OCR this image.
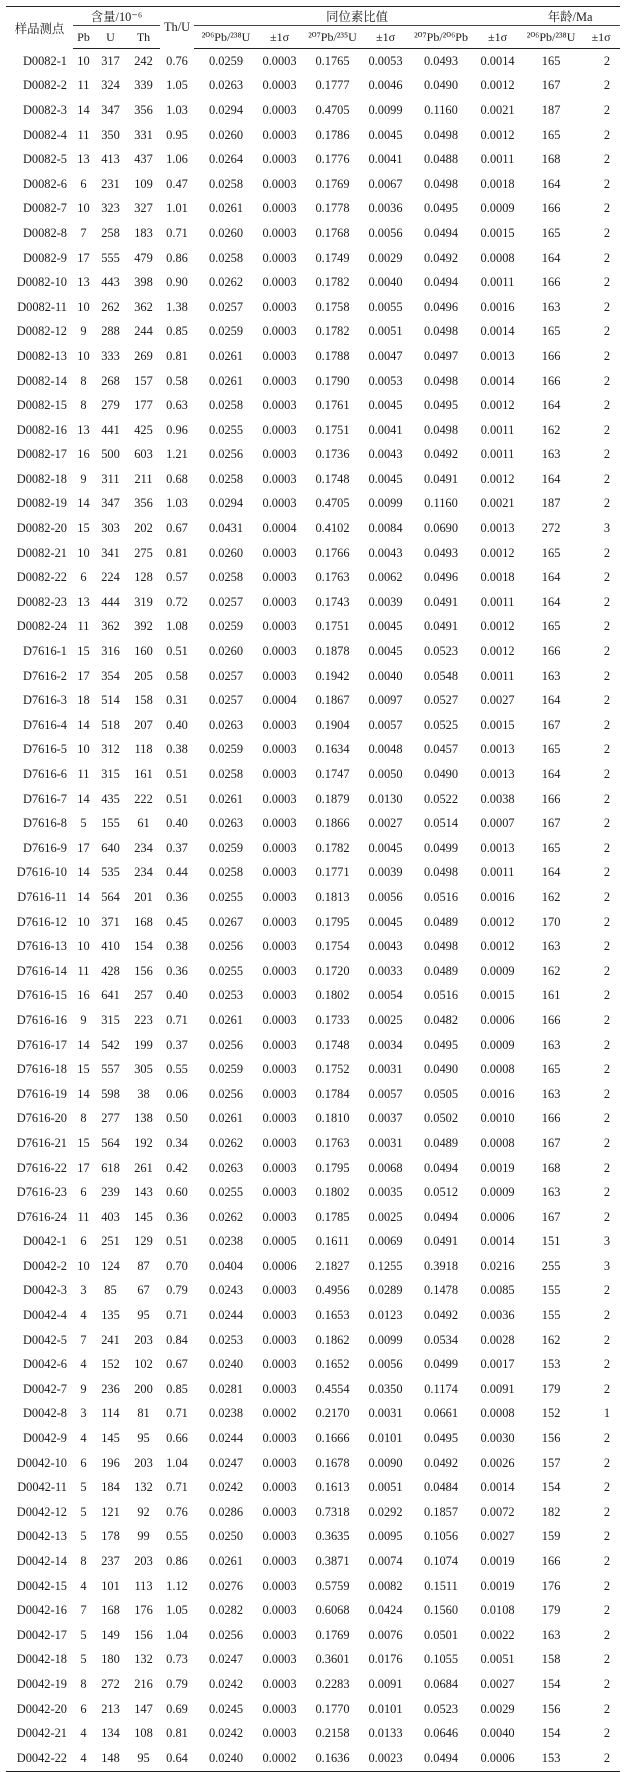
样品测点	含量/10⁻⁶			Th/U	同位素比值						年龄/Ma	
	Pb	U	Th		²⁰⁶Pb/²³⁸U	±1σ	²⁰⁷Pb/²³⁵U	±1σ	²⁰⁷Pb/²⁰⁶Pb	±1σ	²⁰⁶Pb/²³⁸U	±1σ
D0082-1	10	317	242	0.76	0.0259	0.0003	0.1765	0.0053	0.0493	0.0014	165	2
D0082-2	11	324	339	1.05	0.0263	0.0003	0.1777	0.0046	0.0490	0.0012	167	2
D0082-3	14	347	356	1.03	0.0294	0.0003	0.4705	0.0099	0.1160	0.0021	187	2
D0082-4	11	350	331	0.95	0.0260	0.0003	0.1786	0.0045	0.0498	0.0012	165	2
D0082-5	13	413	437	1.06	0.0264	0.0003	0.1776	0.0041	0.0488	0.0011	168	2
D0082-6	6	231	109	0.47	0.0258	0.0003	0.1769	0.0067	0.0498	0.0018	164	2
D0082-7	10	323	327	1.01	0.0261	0.0003	0.1778	0.0036	0.0495	0.0009	166	2
D0082-8	7	258	183	0.71	0.0260	0.0003	0.1768	0.0056	0.0494	0.0015	165	2
D0082-9	17	555	479	0.86	0.0258	0.0003	0.1749	0.0029	0.0492	0.0008	164	2
D0082-10	13	443	398	0.90	0.0262	0.0003	0.1782	0.0040	0.0494	0.0011	166	2
D0082-11	10	262	362	1.38	0.0257	0.0003	0.1758	0.0055	0.0496	0.0016	163	2
D0082-12	9	288	244	0.85	0.0259	0.0003	0.1782	0.0051	0.0498	0.0014	165	2
D0082-13	10	333	269	0.81	0.0261	0.0003	0.1788	0.0047	0.0497	0.0013	166	2
D0082-14	8	268	157	0.58	0.0261	0.0003	0.1790	0.0053	0.0498	0.0014	166	2
D0082-15	8	279	177	0.63	0.0258	0.0003	0.1761	0.0045	0.0495	0.0012	164	2
D0082-16	13	441	425	0.96	0.0255	0.0003	0.1751	0.0041	0.0498	0.0011	162	2
D0082-17	16	500	603	1.21	0.0256	0.0003	0.1736	0.0043	0.0492	0.0011	163	2
D0082-18	9	311	211	0.68	0.0258	0.0003	0.1748	0.0045	0.0491	0.0012	164	2
D0082-19	14	347	356	1.03	0.0294	0.0003	0.4705	0.0099	0.1160	0.0021	187	2
D0082-20	15	303	202	0.67	0.0431	0.0004	0.4102	0.0084	0.0690	0.0013	272	3
D0082-21	10	341	275	0.81	0.0260	0.0003	0.1766	0.0043	0.0493	0.0012	165	2
D0082-22	6	224	128	0.57	0.0258	0.0003	0.1763	0.0062	0.0496	0.0018	164	2
D0082-23	13	444	319	0.72	0.0257	0.0003	0.1743	0.0039	0.0491	0.0011	164	2
D0082-24	11	362	392	1.08	0.0259	0.0003	0.1751	0.0045	0.0491	0.0012	165	2
D7616-1	15	316	160	0.51	0.0260	0.0003	0.1878	0.0045	0.0523	0.0012	166	2
D7616-2	17	354	205	0.58	0.0257	0.0003	0.1942	0.0040	0.0548	0.0011	163	2
D7616-3	18	514	158	0.31	0.0257	0.0004	0.1867	0.0097	0.0527	0.0027	164	2
D7616-4	14	518	207	0.40	0.0263	0.0003	0.1904	0.0057	0.0525	0.0015	167	2
D7616-5	10	312	118	0.38	0.0259	0.0003	0.1634	0.0048	0.0457	0.0013	165	2
D7616-6	11	315	161	0.51	0.0258	0.0003	0.1747	0.0050	0.0490	0.0013	164	2
D7616-7	14	435	222	0.51	0.0261	0.0003	0.1879	0.0130	0.0522	0.0038	166	2
D7616-8	5	155	61	0.40	0.0263	0.0003	0.1866	0.0027	0.0514	0.0007	167	2
D7616-9	17	640	234	0.37	0.0259	0.0003	0.1782	0.0045	0.0499	0.0013	165	2
D7616-10	14	535	234	0.44	0.0258	0.0003	0.1771	0.0039	0.0498	0.0011	164	2
D7616-11	14	564	201	0.36	0.0255	0.0003	0.1813	0.0056	0.0516	0.0016	162	2
D7616-12	10	371	168	0.45	0.0267	0.0003	0.1795	0.0045	0.0489	0.0012	170	2
D7616-13	10	410	154	0.38	0.0256	0.0003	0.1754	0.0043	0.0498	0.0012	163	2
D7616-14	11	428	156	0.36	0.0255	0.0003	0.1720	0.0033	0.0489	0.0009	162	2
D7616-15	16	641	257	0.40	0.0253	0.0003	0.1802	0.0054	0.0516	0.0015	161	2
D7616-16	9	315	223	0.71	0.0261	0.0003	0.1733	0.0025	0.0482	0.0006	166	2
D7616-17	14	542	199	0.37	0.0256	0.0003	0.1748	0.0034	0.0495	0.0009	163	2
D7616-18	15	557	305	0.55	0.0259	0.0003	0.1752	0.0031	0.0490	0.0008	165	2
D7616-19	14	598	38	0.06	0.0256	0.0003	0.1784	0.0057	0.0505	0.0016	163	2
D7616-20	8	277	138	0.50	0.0261	0.0003	0.1810	0.0037	0.0502	0.0010	166	2
D7616-21	15	564	192	0.34	0.0262	0.0003	0.1763	0.0031	0.0489	0.0008	167	2
D7616-22	17	618	261	0.42	0.0263	0.0003	0.1795	0.0068	0.0494	0.0019	168	2
D7616-23	6	239	143	0.60	0.0255	0.0003	0.1802	0.0035	0.0512	0.0009	163	2
D7616-24	11	403	145	0.36	0.0262	0.0003	0.1785	0.0025	0.0494	0.0006	167	2
D0042-1	6	251	129	0.51	0.0238	0.0005	0.1611	0.0069	0.0491	0.0014	151	3
D0042-2	10	124	87	0.70	0.0404	0.0006	2.1827	0.1255	0.3918	0.0216	255	3
D0042-3	3	85	67	0.79	0.0243	0.0003	0.4956	0.0289	0.1478	0.0085	155	2
D0042-4	4	135	95	0.71	0.0244	0.0003	0.1653	0.0123	0.0492	0.0036	155	2
D0042-5	7	241	203	0.84	0.0253	0.0003	0.1862	0.0099	0.0534	0.0028	162	2
D0042-6	4	152	102	0.67	0.0240	0.0003	0.1652	0.0056	0.0499	0.0017	153	2
D0042-7	9	236	200	0.85	0.0281	0.0003	0.4554	0.0350	0.1174	0.0091	179	2
D0042-8	3	114	81	0.71	0.0238	0.0002	0.2170	0.0031	0.0661	0.0008	152	1
D0042-9	4	145	95	0.66	0.0244	0.0003	0.1666	0.0101	0.0495	0.0030	156	2
D0042-10	6	196	203	1.04	0.0247	0.0003	0.1678	0.0090	0.0492	0.0026	157	2
D0042-11	5	184	132	0.71	0.0242	0.0003	0.1613	0.0051	0.0484	0.0014	154	2
D0042-12	5	121	92	0.76	0.0286	0.0003	0.7318	0.0292	0.1857	0.0072	182	2
D0042-13	5	178	99	0.55	0.0250	0.0003	0.3635	0.0095	0.1056	0.0027	159	2
D0042-14	8	237	203	0.86	0.0261	0.0003	0.3871	0.0074	0.1074	0.0019	166	2
D0042-15	4	101	113	1.12	0.0276	0.0003	0.5759	0.0082	0.1511	0.0019	176	2
D0042-16	7	168	176	1.05	0.0282	0.0003	0.6068	0.0424	0.1560	0.0108	179	2
D0042-17	5	149	156	1.04	0.0256	0.0003	0.1769	0.0076	0.0501	0.0022	163	2
D0042-18	5	180	132	0.73	0.0247	0.0003	0.3601	0.0176	0.1055	0.0051	158	2
D0042-19	8	272	216	0.79	0.0242	0.0003	0.2283	0.0091	0.0684	0.0027	154	2
D0042-20	6	213	147	0.69	0.0245	0.0003	0.1770	0.0101	0.0523	0.0029	156	2
D0042-21	4	134	108	0.81	0.0242	0.0003	0.2158	0.0133	0.0646	0.0040	154	2
D0042-22	4	148	95	0.64	0.0240	0.0002	0.1636	0.0023	0.0494	0.0006	153	2
